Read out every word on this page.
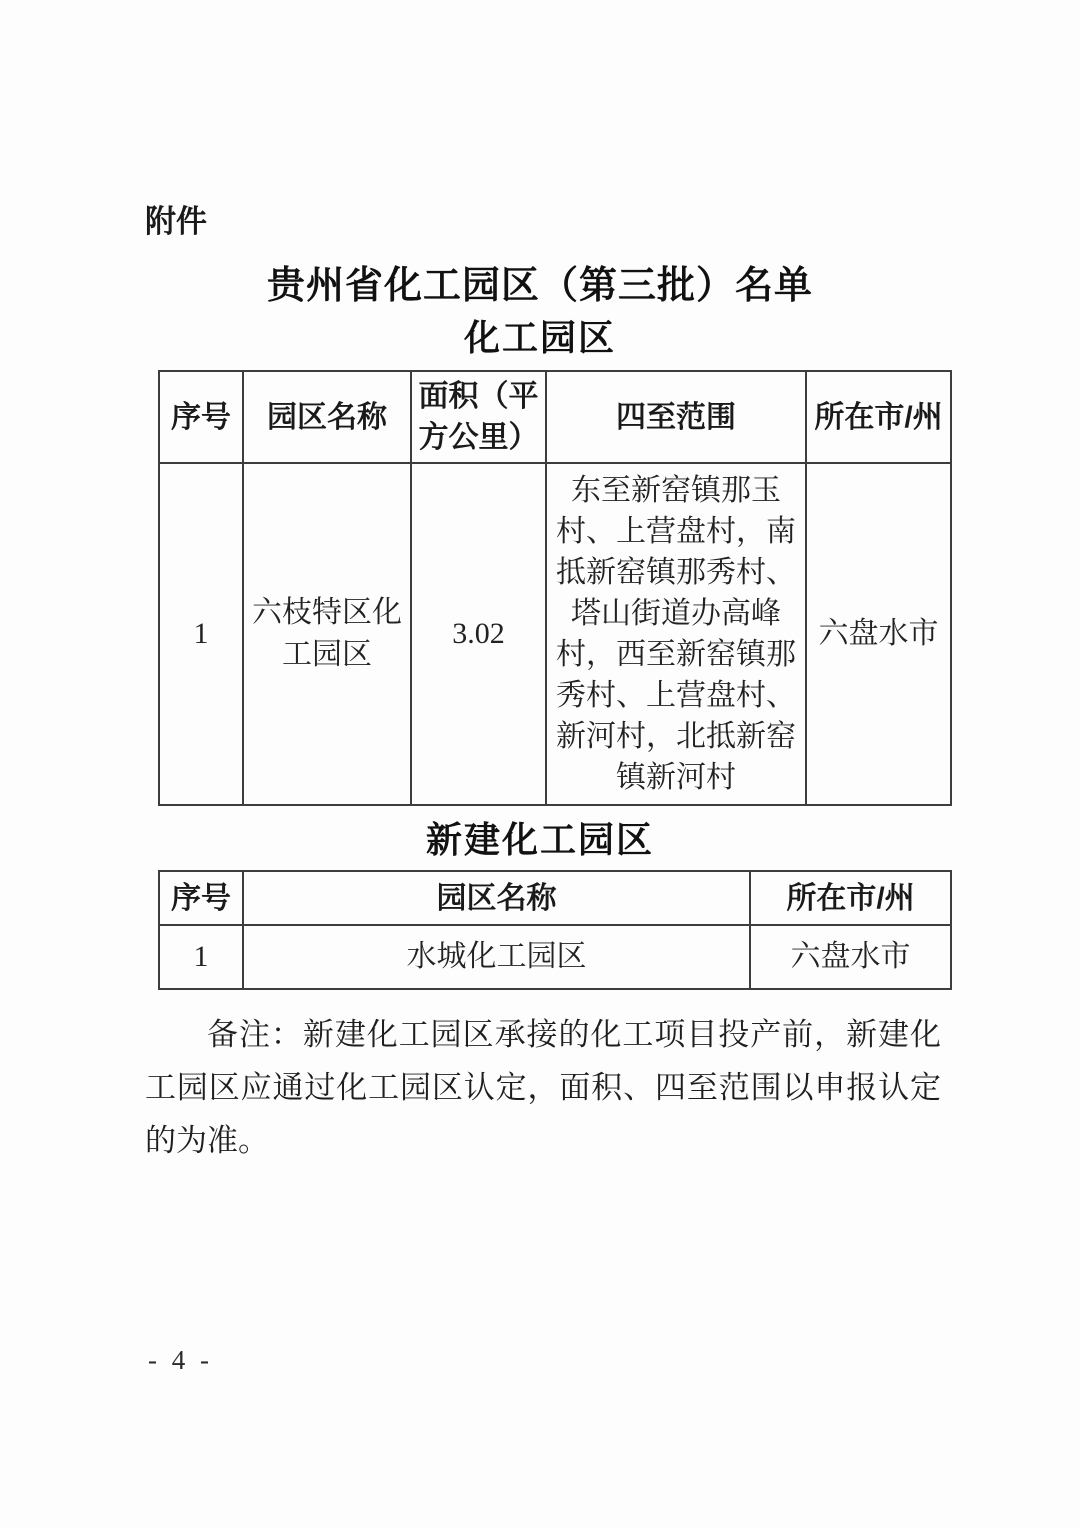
附件
贵州省化工园区（第三批）名单
化工园区
序号	园区名称	面积（平方公里）	四至范围	所在市/州
1	六枝特区化工园区	3.02	东至新窑镇那玉村、上营盘村，南抵新窑镇那秀村、塔山街道办高峰村，西至新窑镇那秀村、上营盘村、新河村，北抵新窑镇新河村	六盘水市
新建化工园区
序号	园区名称	所在市/州
1	水城化工园区	六盘水市
备注：新建化工园区承接的化工项目投产前，新建化工园区应通过化工园区认定，面积、四至范围以申报认定的为准。
- 4 -
